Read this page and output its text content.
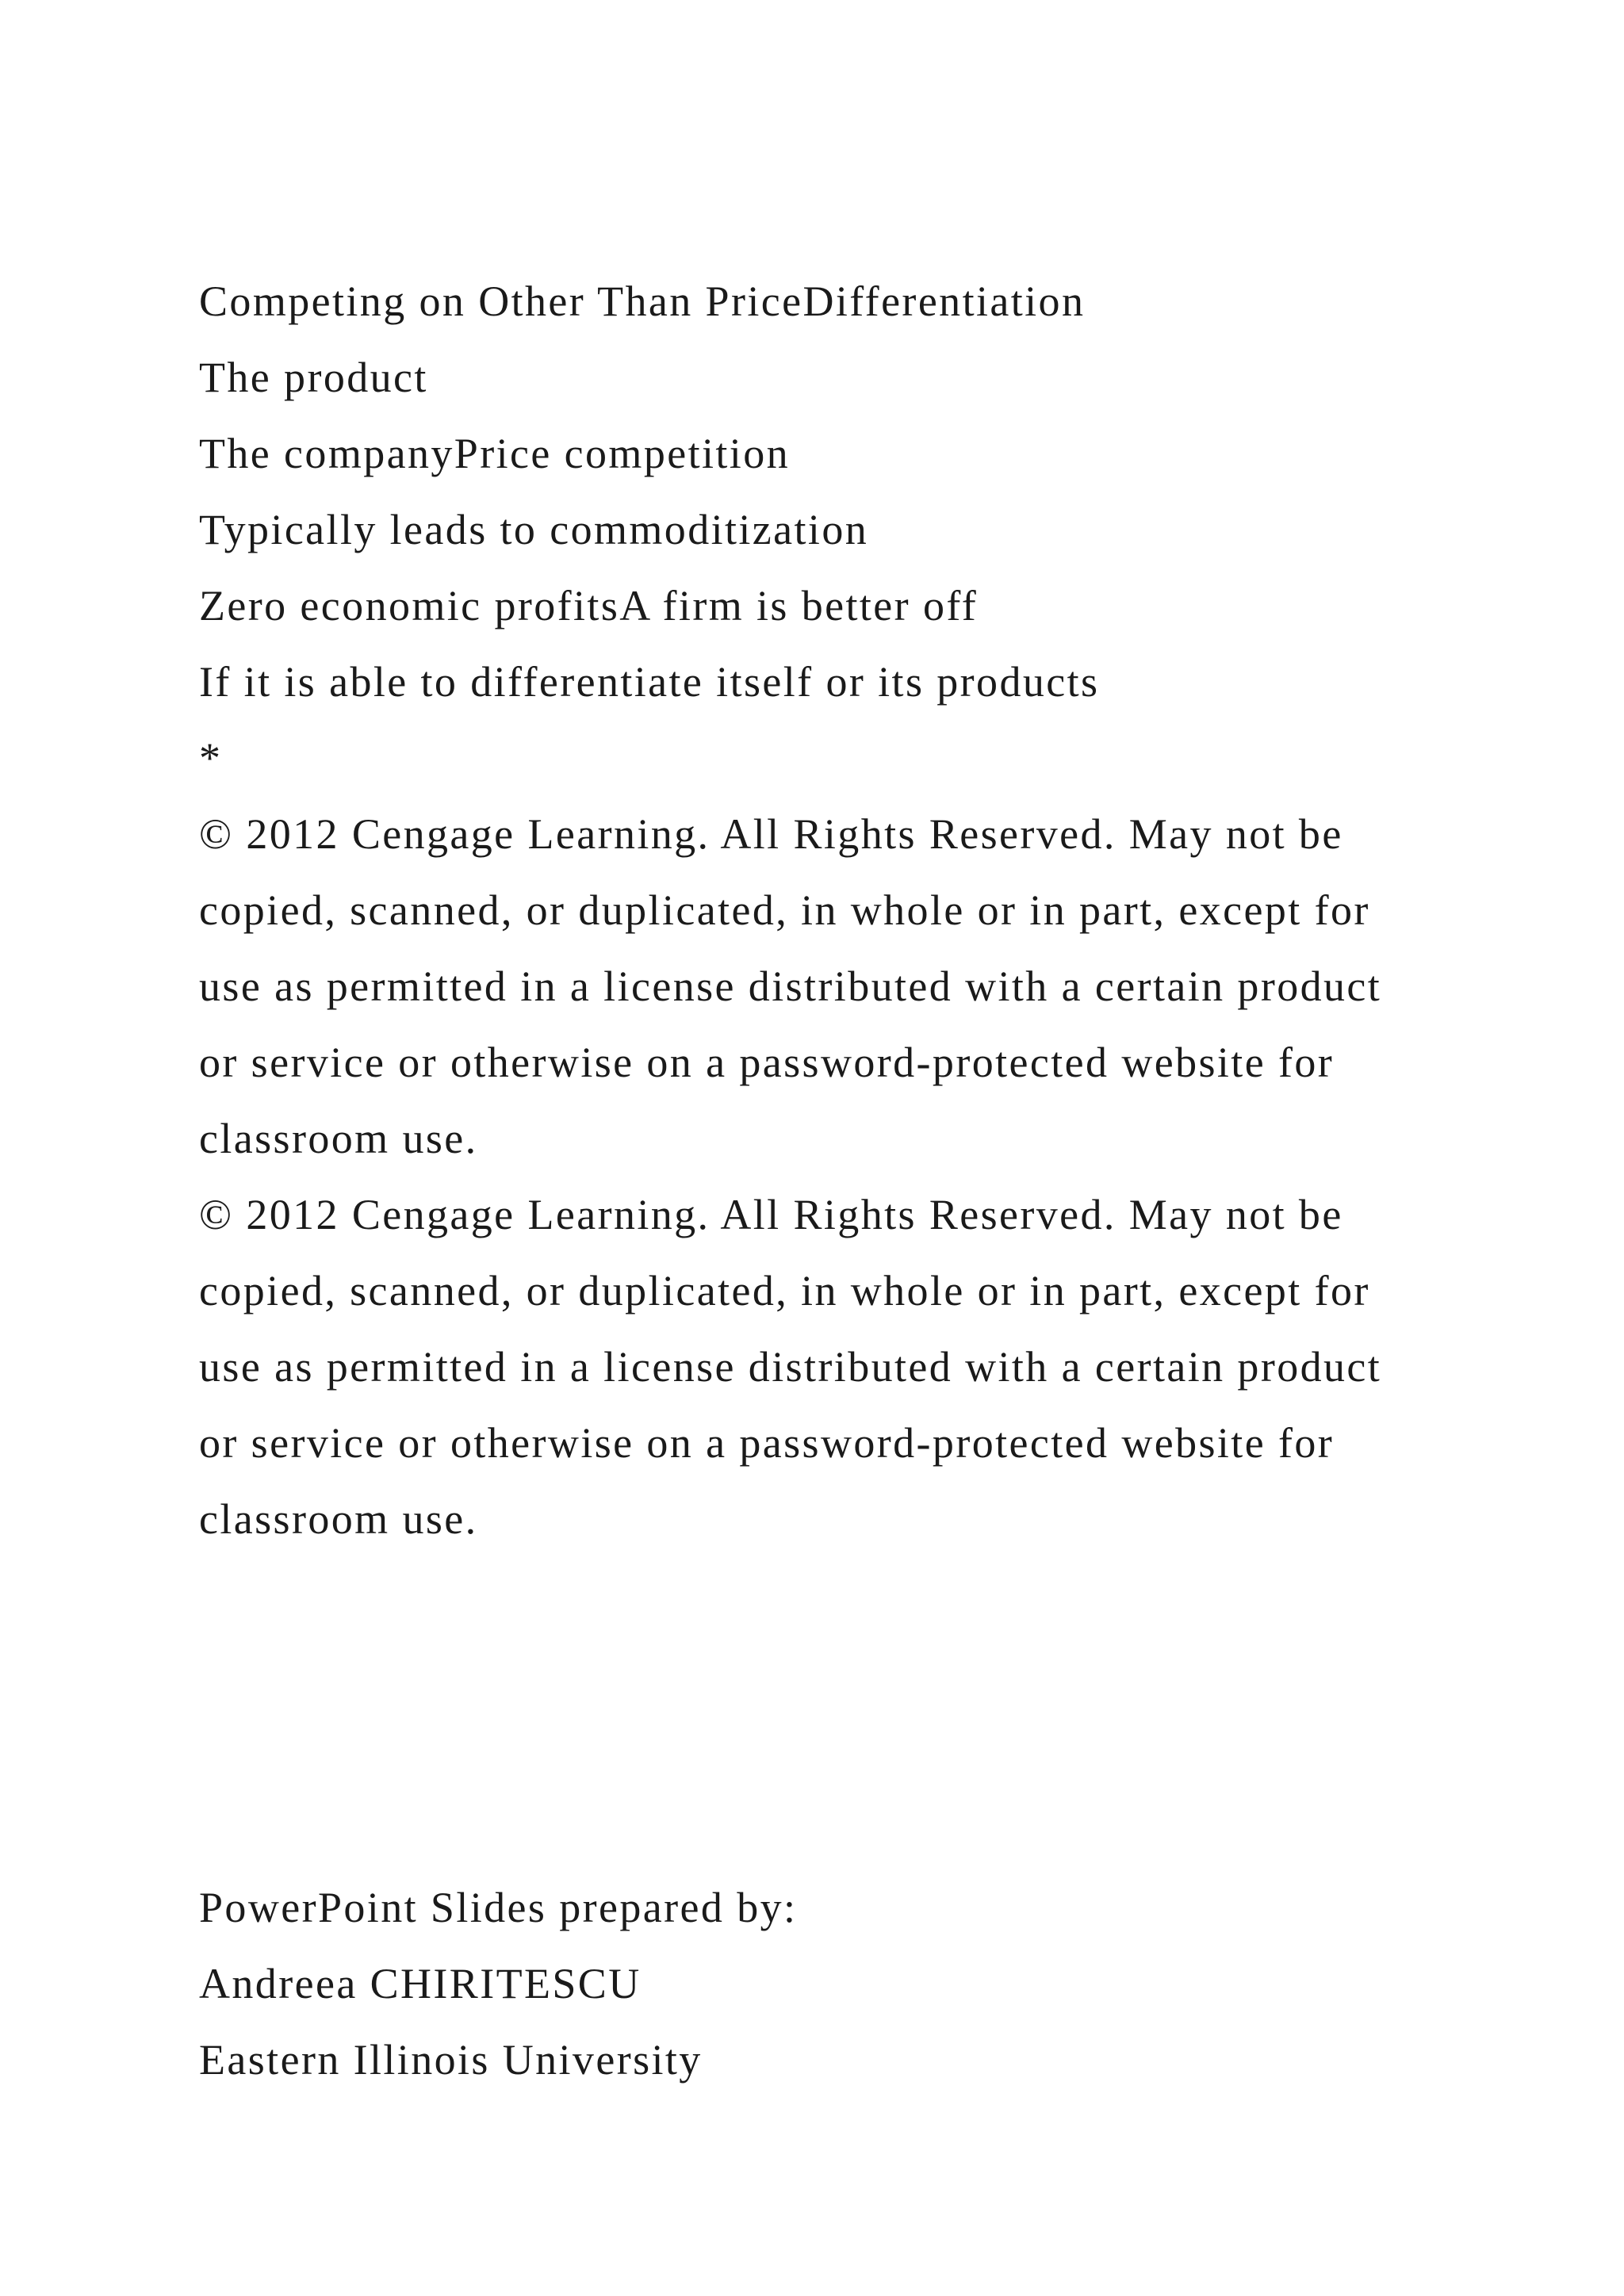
Competing on Other Than PriceDifferentiation
The product
The companyPrice competition
Typically leads to commoditization
Zero economic profitsA firm is better off
If it is able to differentiate itself or its products
*
© 2012 Cengage Learning. All Rights Reserved. May not be
copied, scanned, or duplicated, in whole or in part, except for
use as permitted in a license distributed with a certain product
or service or otherwise on a password-protected website for
classroom use.
© 2012 Cengage Learning. All Rights Reserved. May not be
copied, scanned, or duplicated, in whole or in part, except for
use as permitted in a license distributed with a certain product
or service or otherwise on a password-protected website for
classroom use.
PowerPoint Slides prepared by:
Andreea CHIRITESCU
Eastern Illinois University
